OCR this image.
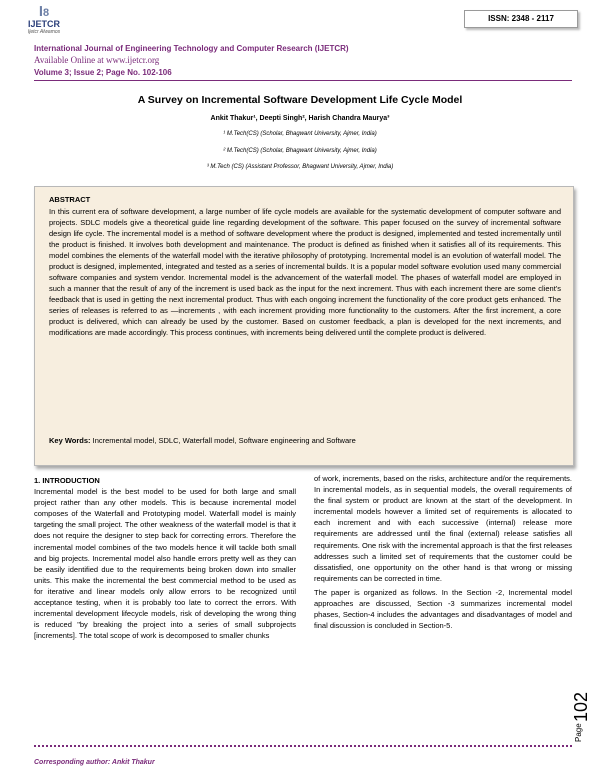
ꟾ8
IJETCR
Ijetcr Alwamos
ISSN: 2348 - 2117
International Journal of Engineering Technology and Computer Research (IJETCR)
Available Online at www.ijetcr.org
Volume 3; Issue 2; Page No. 102-106
A Survey on Incremental Software Development Life Cycle Model
Ankit Thakur¹, Deepti Singh², Harish Chandra Maurya³
¹ M.Tech(CS) (Scholar, Bhagwant University, Ajmer, India)
² M.Tech(CS) (Scholar, Bhagwant University, Ajmer, India)
³ M.Tech (CS) (Assistant Professor, Bhagwant University, Ajmer, India)
ABSTRACT
In this current era of software development, a large number of life cycle models are available for the systematic development of computer software and projects. SDLC models give a theoretical guide line regarding development of the software. This paper focused on the survey of incremental software design life cycle. The incremental model is a method of software development where the product is designed, implemented and tested incrementally until the product is finished. It involves both development and maintenance. The product is defined as finished when it satisfies all of its requirements. This model combines the elements of the waterfall model with the iterative philosophy of prototyping. Incremental model is an evolution of waterfall model. The product is designed, implemented, integrated and tested as a series of incremental builds. It is a popular model software evolution used many commercial software companies and system vendor. Incremental model is the advancement of the waterfall model. The phases of waterfall model are employed in such a manner that the result of any of the increment is used back as the input for the next increment. Thus with each increment there are some client's feedback that is used in getting the next incremental product. Thus with each ongoing increment the functionality of the core product gets enhanced. The series of releases is referred to as ―increments , with each increment providing more functionality to the customers. After the first increment, a core product is delivered, which can already be used by the customer. Based on customer feedback, a plan is developed for the next increments, and modifications are made accordingly. This process continues, with increments being delivered until the complete product is delivered.
Key Words: Incremental model, SDLC, Waterfall model, Software engineering and Software
1. INTRODUCTION

Incremental model is the best model to be used for both large and small project rather than any other models. This is because incremental model composes of the Waterfall and Prototyping model. Waterfall model is mainly targeting the small project. The other weakness of the waterfall model is that it does not require the designer to step back for correcting errors. Therefore the incremental model combines of the two models hence it will tackle both small and big projects. Incremental model also handle errors pretty well as they can be easily identified due to the requirements being broken down into smaller units. This make the incremental the best commercial method to be used as for iterative and linear models only allow errors to be recognized until acceptance testing, when it is probably too late to correct the errors. With incremental development lifecycle models, risk of developing the wrong thing is reduced "by breaking the project into a series of small subprojects [increments]. The total scope of work is decomposed to smaller chunks

of work, increments, based on the risks, architecture and/or the requirements. In incremental models, as in sequential models, the overall requirements of the final system or product are known at the start of the development. In incremental models however a limited set of requirements is allocated to each increment and with each successive (internal) release more requirements are addressed until the final (external) release satisfies all requirements. One risk with the incremental approach is that the first releases addresses such a limited set of requirements that the customer could be dissatisfied, one opportunity on the other hand is that wrong or missing requirements can be corrected in time.

The paper is organized as follows. In the Section -2, Incremental model approaches are discussed, Section -3 summarizes incremental model phases, Section-4 includes the advantages and disadvantages of model and final discussion is concluded in Section-5.

Page
102
Corresponding author: Ankit Thakur
